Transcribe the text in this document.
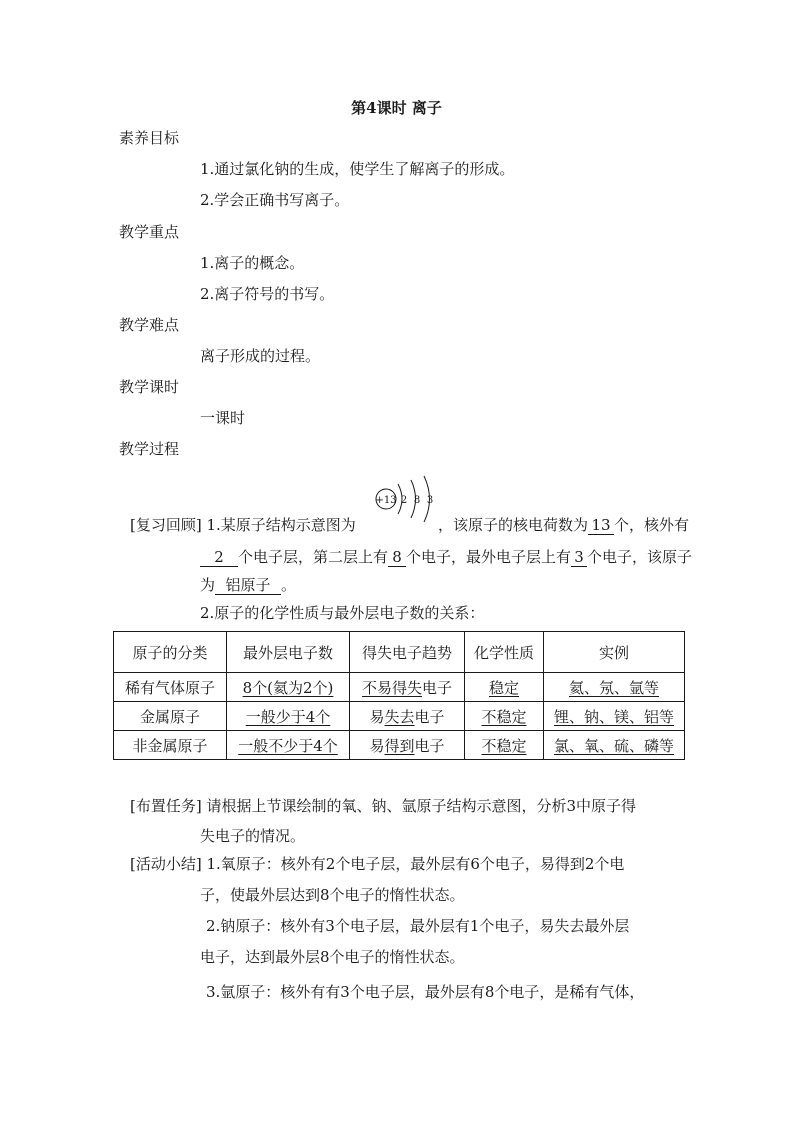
第4课时 离子
素养目标
1.通过氯化钠的生成，使学生了解离子的形成。
2.学会正确书写离子。
教学重点
1.离子的概念。
2.离子符号的书写。
教学难点
离子形成的过程。
教学课时
一课时
教学过程
+13 2 8 3
[复习回顾] 1.某原子结构示意图为	，该原子的核电荷数为 13 个，核外有
2 个电子层，第二层上有 8 个电子，最外电子层上有 3 个电子，该原子
为 铝原子 。
2.原子的化学性质与最外层电子数的关系：
原子的分类	最外层电子数	得失电子趋势	化学性质	实例
稀有气体原子	8个(氦为2个)	不易得失电子	稳定	氦、氖、氩等
金属原子	一般少于4个	易失去电子	不稳定	锂、钠、镁、铝等
非金属原子	一般不少于4个	易得到电子	不稳定	氯、氧、硫、磷等
[布置任务] 请根据上节课绘制的氧、钠、氩原子结构示意图，分析3中原子得
失电子的情况。
[活动小结] 1.氧原子：核外有2个电子层，最外层有6个电子，易得到2个电
子，使最外层达到8个电子的惰性状态。
2.钠原子：核外有3个电子层，最外层有1个电子，易失去最外层
电子，达到最外层8个电子的惰性状态。
3.氩原子：核外有有3个电子层，最外层有8个电子，是稀有气体，
